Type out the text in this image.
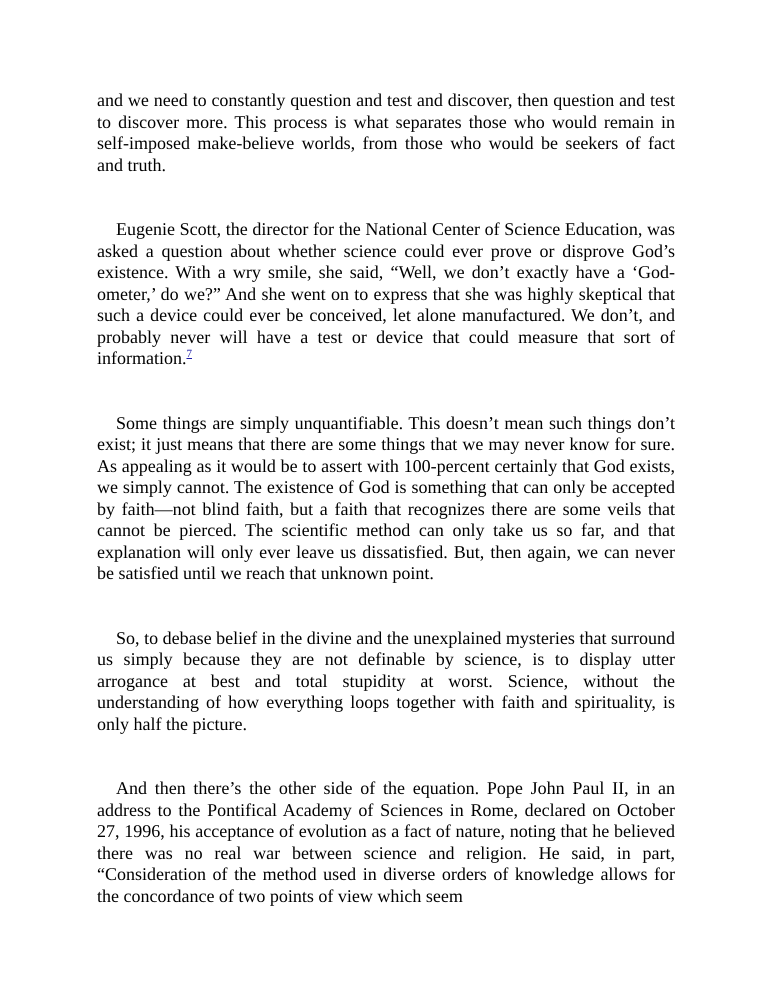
and we need to constantly question and test and discover, then question and test to discover more. This process is what separates those who would remain in self-imposed make-believe worlds, from those who would be seekers of fact and truth.

Eugenie Scott, the director for the National Center of Science Education, was asked a question about whether science could ever prove or disprove God’s existence. With a wry smile, she said, “Well, we don’t exactly have a ‘God-ometer,’ do we?” And she went on to express that she was highly skeptical that such a device could ever be conceived, let alone manufactured. We don’t, and probably never will have a test or device that could measure that sort of information.$^7$

Some things are simply unquantifiable. This doesn’t mean such things don’t exist; it just means that there are some things that we may never know for sure. As appealing as it would be to assert with 100-percent certainly that God exists, we simply cannot. The existence of God is something that can only be accepted by faith—not blind faith, but a faith that recognizes there are some veils that cannot be pierced. The scientific method can only take us so far, and that explanation will only ever leave us dissatisfied. But, then again, we can never be satisfied until we reach that unknown point.

So, to debase belief in the divine and the unexplained mysteries that surround us simply because they are not definable by science, is to display utter arrogance at best and total stupidity at worst. Science, without the understanding of how everything loops together with faith and spirituality, is only half the picture.

And then there’s the other side of the equation. Pope John Paul II, in an address to the Pontifical Academy of Sciences in Rome, declared on October 27, 1996, his acceptance of evolution as a fact of nature, noting that he believed there was no real war between science and religion. He said, in part, “Consideration of the method used in diverse orders of knowledge allows for the concordance of two points of view which seem
